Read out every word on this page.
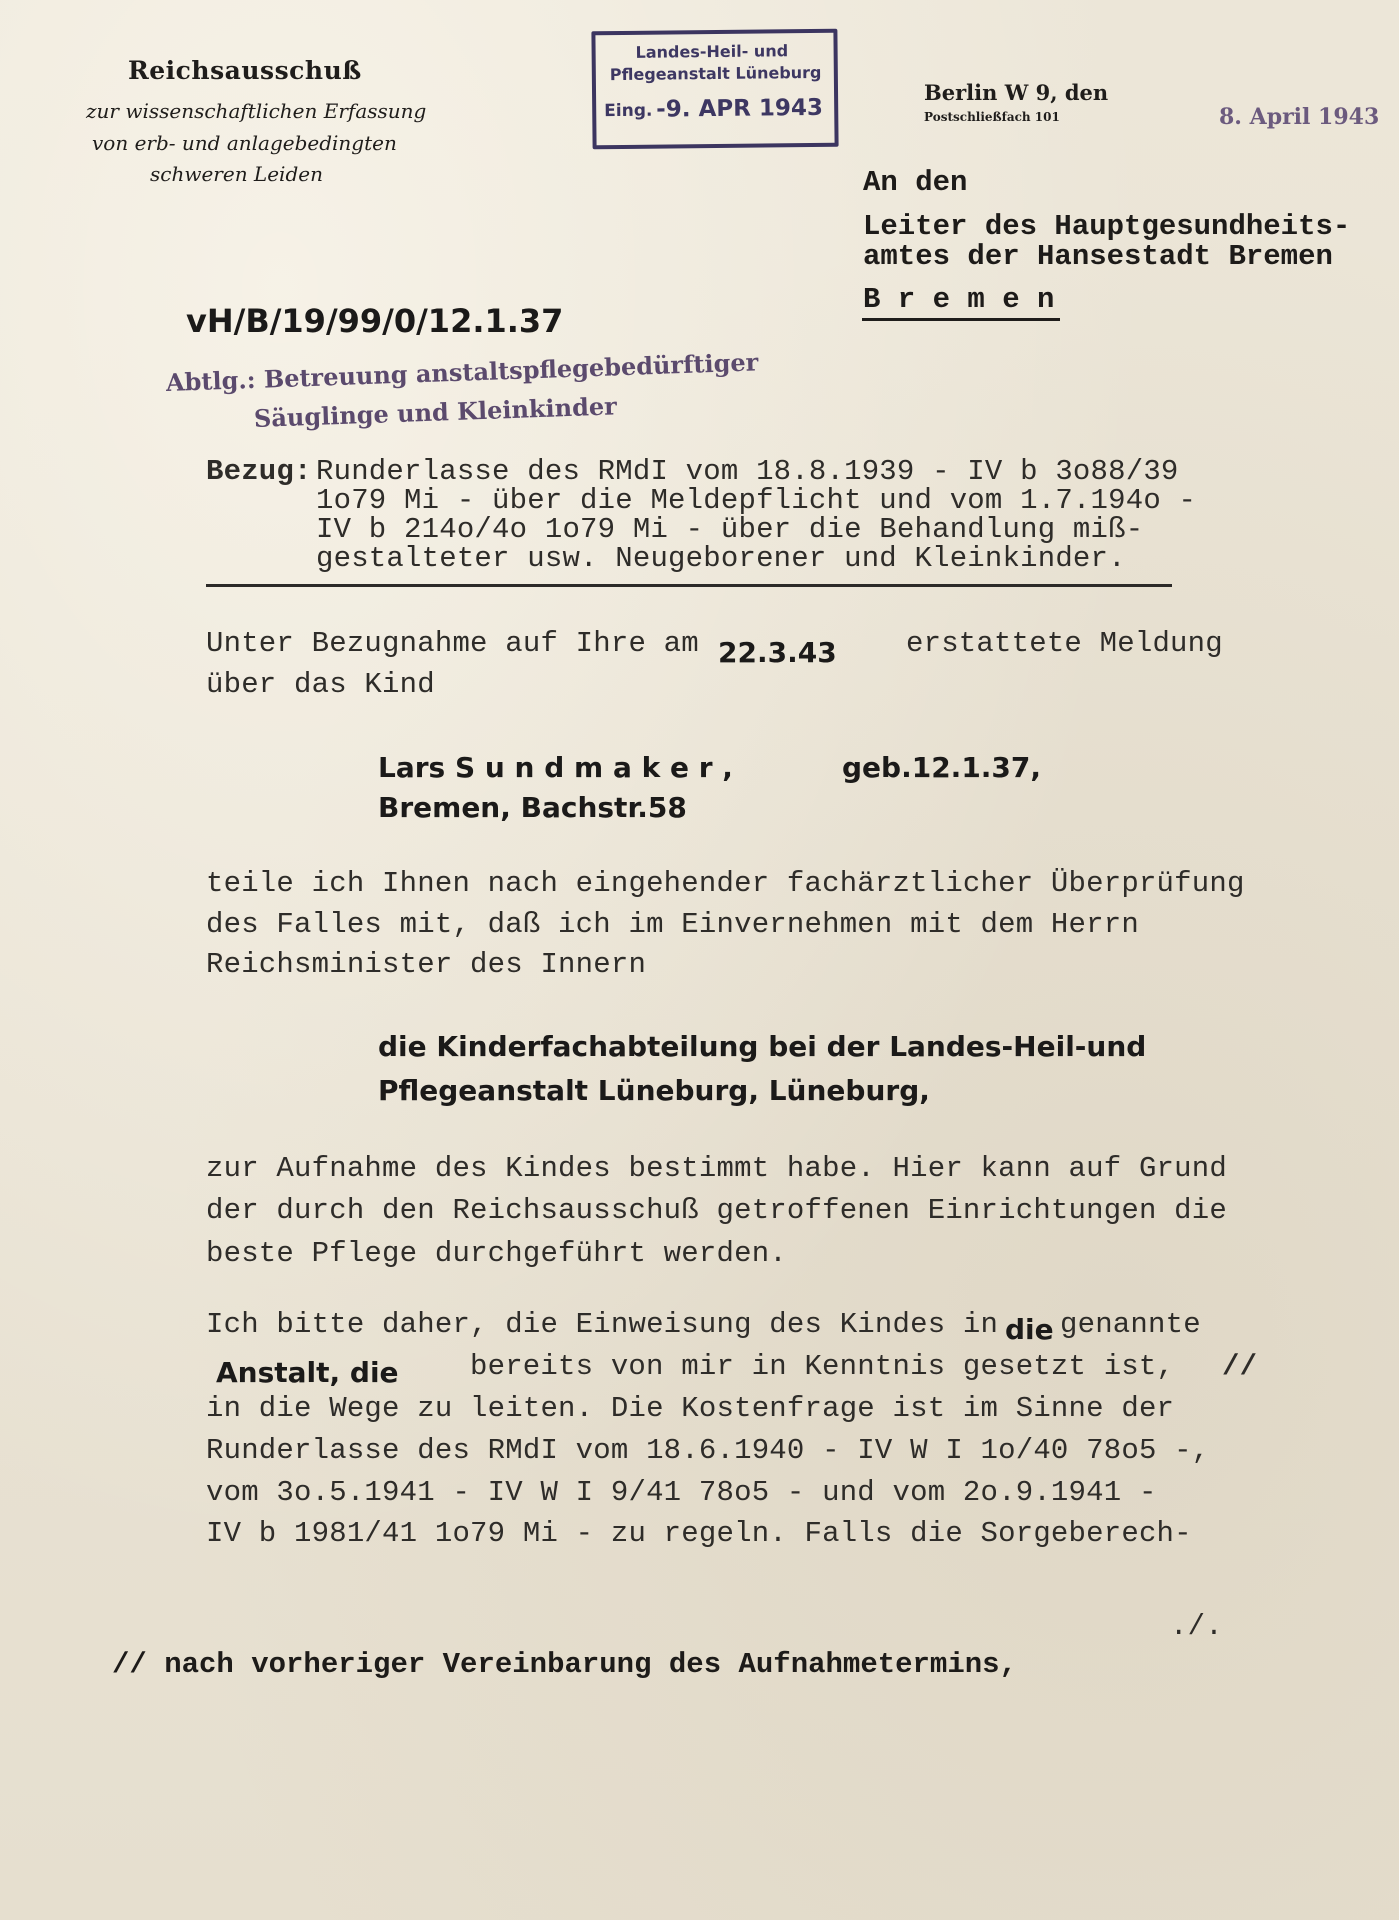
Reichsausschuß
zur wissenschaftlichen Erfassung
von erb- und anlagebedingten
schweren Leiden
Landes-Heil- und
Pflegeanstalt Lüneburg
Eing. -9. APR 1943
Berlin W 9, den
Postschließfach 101	8. April 1943
An den
Leiter des Hauptgesundheits-
amtes der Hansestadt Bremen
B r e m e n

vH/B/19/99/0/12.1.37
Abtlg.: Betreuung anstaltspflegebedürftiger
Säuglinge und Kleinkinder
Bezug: Runderlasse des RMdI vom 18.8.1939 - IV b 3o88/39
1o79 Mi - über die Meldepflicht und vom 1.7.194o -
IV b 214o/4o 1o79 Mi - über die Behandlung miß-
gestalteter usw. Neugeborener und Kleinkinder.
Unter Bezugnahme auf Ihre am 22.3.43 erstattete Meldung
über das Kind
Lars S u n d m a k e r ,	geb.12.1.37,
Bremen, Bachstr.58
teile ich Ihnen nach eingehender fachärztlicher Überprüfung
des Falles mit, daß ich im Einvernehmen mit dem Herrn
Reichsminister des Innern
die Kinderfachabteilung bei der Landes-Heil-und
Pflegeanstalt Lüneburg, Lüneburg,
zur Aufnahme des Kindes bestimmt habe. Hier kann auf Grund
der durch den Reichsausschuß getroffenen Einrichtungen die
beste Pflege durchgeführt werden.
Ich bitte daher, die Einweisung des Kindes in die genannte
Anstalt, die bereits von mir in Kenntnis gesetzt ist, //
in die Wege zu leiten. Die Kostenfrage ist im Sinne der
Runderlasse des RMdI vom 18.6.1940 - IV W I 1o/40 78o5 -,
vom 3o.5.1941 - IV W I 9/41 78o5 - und vom 2o.9.1941 -
IV b 1981/41 1o79 Mi - zu regeln. Falls die Sorgeberech-
./.
// nach vorheriger Vereinbarung des Aufnahmetermins,
